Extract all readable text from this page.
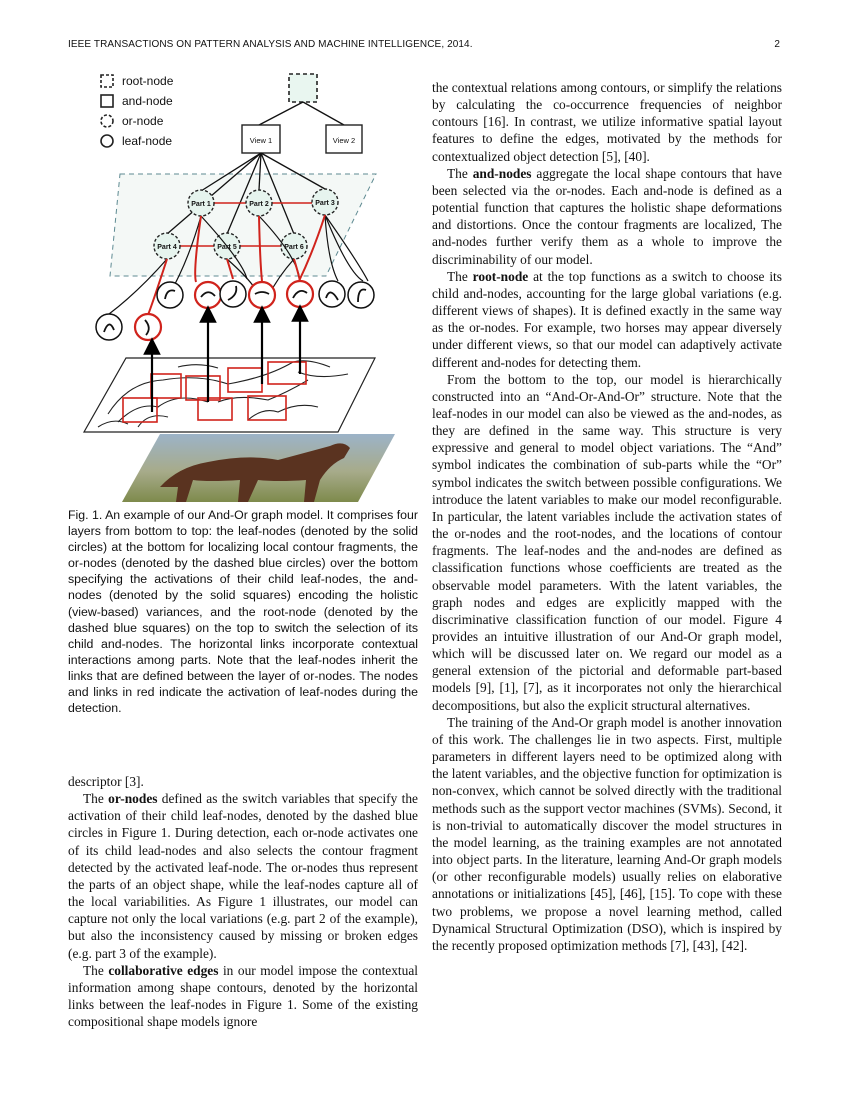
IEEE TRANSACTIONS ON PATTERN ANALYSIS AND MACHINE INTELLIGENCE, 2014.	2
root-node
and-node
or-node
leaf-node	View 1	View 2
Part 1	Part 2	Part 3
Part 4	Part 5	Part 6
Fig. 1. An example of our And-Or graph model. It comprises four layers from bottom to top: the leaf-nodes (denoted by the solid circles) at the bottom for localizing local contour fragments, the or-nodes (denoted by the dashed blue circles) over the bottom specifying the activations of their child leaf-nodes, the and-nodes (denoted by the solid squares) encoding the holistic (view-based) variances, and the root-node (denoted by the dashed blue squares) on the top to switch the selection of its child and-nodes. The horizontal links incorporate contextual interactions among parts. Note that the leaf-nodes inherit the links that are defined between the layer of or-nodes. The nodes and links in red indicate the activation of leaf-nodes during the detection.

descriptor [3].

The or-nodes defined as the switch variables that specify the activation of their child leaf-nodes, denoted by the dashed blue circles in Figure 1. During detection, each or-node activates one of its child lead-nodes and also selects the contour fragment detected by the activated leaf-node. The or-nodes thus represent the parts of an object shape, while the leaf-nodes capture all of the local variabilities. As Figure 1 illustrates, our model can capture not only the local variations (e.g. part 2 of the example), but also the inconsistency caused by missing or broken edges (e.g. part 3 of the example).

The collaborative edges in our model impose the contextual information among shape contours, denoted by the horizontal links between the leaf-nodes in Figure 1. Some of the existing compositional shape models ignore

the contextual relations among contours, or simplify the relations by calculating the co-occurrence frequencies of neighbor contours [16]. In contrast, we utilize informative spatial layout features to define the edges, motivated by the methods for contextualized object detection [5], [40].

The and-nodes aggregate the local shape contours that have been selected via the or-nodes. Each and-node is defined as a potential function that captures the holistic shape deformations and distortions. Once the contour fragments are localized, The and-nodes further verify them as a whole to improve the discriminability of our model.

The root-node at the top functions as a switch to choose its child and-nodes, accounting for the large global variations (e.g. different views of shapes). It is defined exactly in the same way as the or-nodes. For example, two horses may appear diversely under different views, so that our model can adaptively activate different and-nodes for detecting them.

From the bottom to the top, our model is hierarchically constructed into an “And-Or-And-Or” structure. Note that the leaf-nodes in our model can also be viewed as the and-nodes, as they are defined in the same way. This structure is very expressive and general to model object variations. The “And” symbol indicates the combination of sub-parts while the “Or” symbol indicates the switch between possible configurations. We introduce the latent variables to make our model reconfigurable. In particular, the latent variables include the activation states of the or-nodes and the root-nodes, and the locations of contour fragments. The leaf-nodes and the and-nodes are defined as classification functions whose coefficients are treated as the observable model parameters. With the latent variables, the graph nodes and edges are explicitly mapped with the discriminative classification function of our model. Figure 4 provides an intuitive illustration of our And-Or graph model, which will be discussed later on. We regard our model as a general extension of the pictorial and deformable part-based models [9], [1], [7], as it incorporates not only the hierarchical decompositions, but also the explicit structural alternatives.

The training of the And-Or graph model is another innovation of this work. The challenges lie in two aspects. First, multiple parameters in different layers need to be optimized along with the latent variables, and the objective function for optimization is non-convex, which cannot be solved directly with the traditional methods such as the support vector machines (SVMs). Second, it is non-trivial to automatically discover the model structures in the model learning, as the training examples are not annotated into object parts. In the literature, learning And-Or graph models (or other reconfigurable models) usually relies on elaborative annotations or initializations [45], [46], [15]. To cope with these two problems, we propose a novel learning method, called Dynamical Structural Optimization (DSO), which is inspired by the recently proposed optimization methods [7], [43], [42].
